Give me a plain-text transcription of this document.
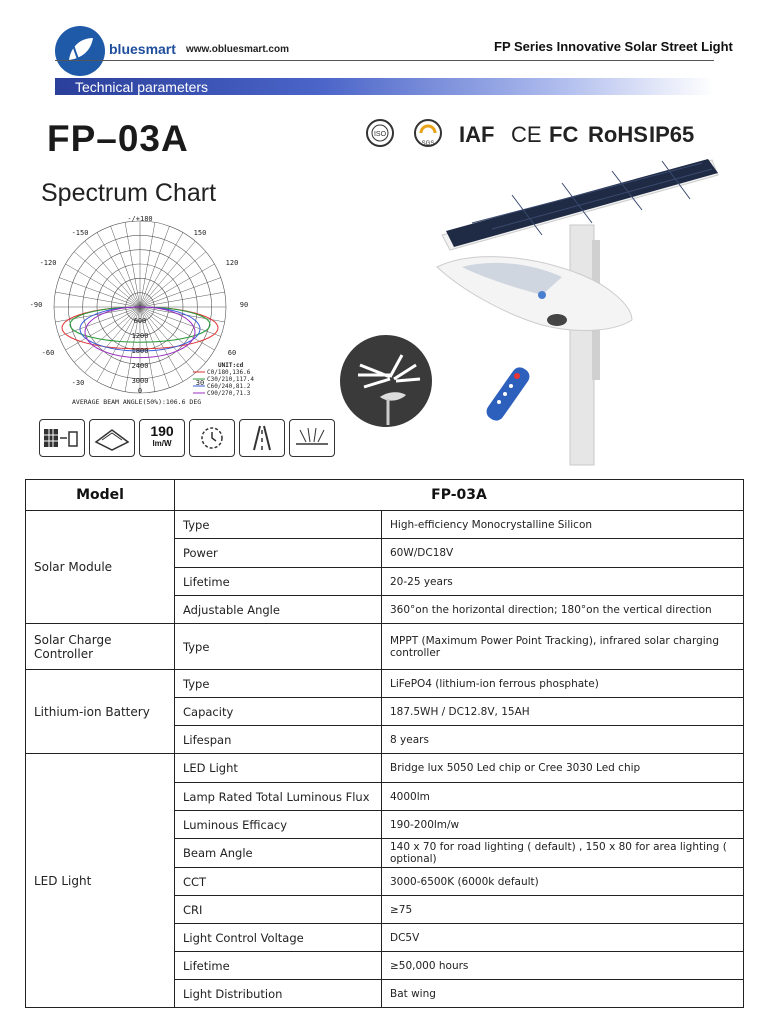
bluesmart www.obluesmart.com	FP Series Innovative Solar Street Light
Technical parameters
FP–03A	ISO
SGS IAF CE FC RoHS IP65
Spectrum Chart
-/+180
-150	150
-120	120
-90	90
-60	60
-30	30
0
600
1200
1800
2400
3000
UNIT:cd
C0/180,136.6
C30/210,117.4
C60/240,81.2
C90/270,71.3
AVERAGE BEAM ANGLE(50%):106.6 DEG
190
lm/W
Model	FP-03A	
Solar Module	Type	High-efficiency Monocrystalline Silicon
	Power	60W/DC18V
	Lifetime	20-25 years
	Adjustable Angle	360°on the horizontal direction; 180°on the vertical direction
Solar Charge Controller	Type	MPPT (Maximum Power Point Tracking), infrared solar charging controller
Lithium-ion Battery	Type	LiFePO4 (lithium-ion ferrous phosphate)
	Capacity	187.5WH / DC12.8V, 15AH
	Lifespan	8 years
LED Light	LED Light	Bridge lux 5050 Led chip or Cree 3030 Led chip
	Lamp Rated Total Luminous Flux	4000lm
	Luminous Efficacy	190-200lm/w
	Beam Angle	140 x 70 for road lighting ( default) , 150 x 80 for area lighting ( optional)
	CCT	3000-6500K (6000k default)
	CRI	≥75
	Light Control Voltage	DC5V
	Lifetime	≥50,000 hours
	Light Distribution	Bat wing
